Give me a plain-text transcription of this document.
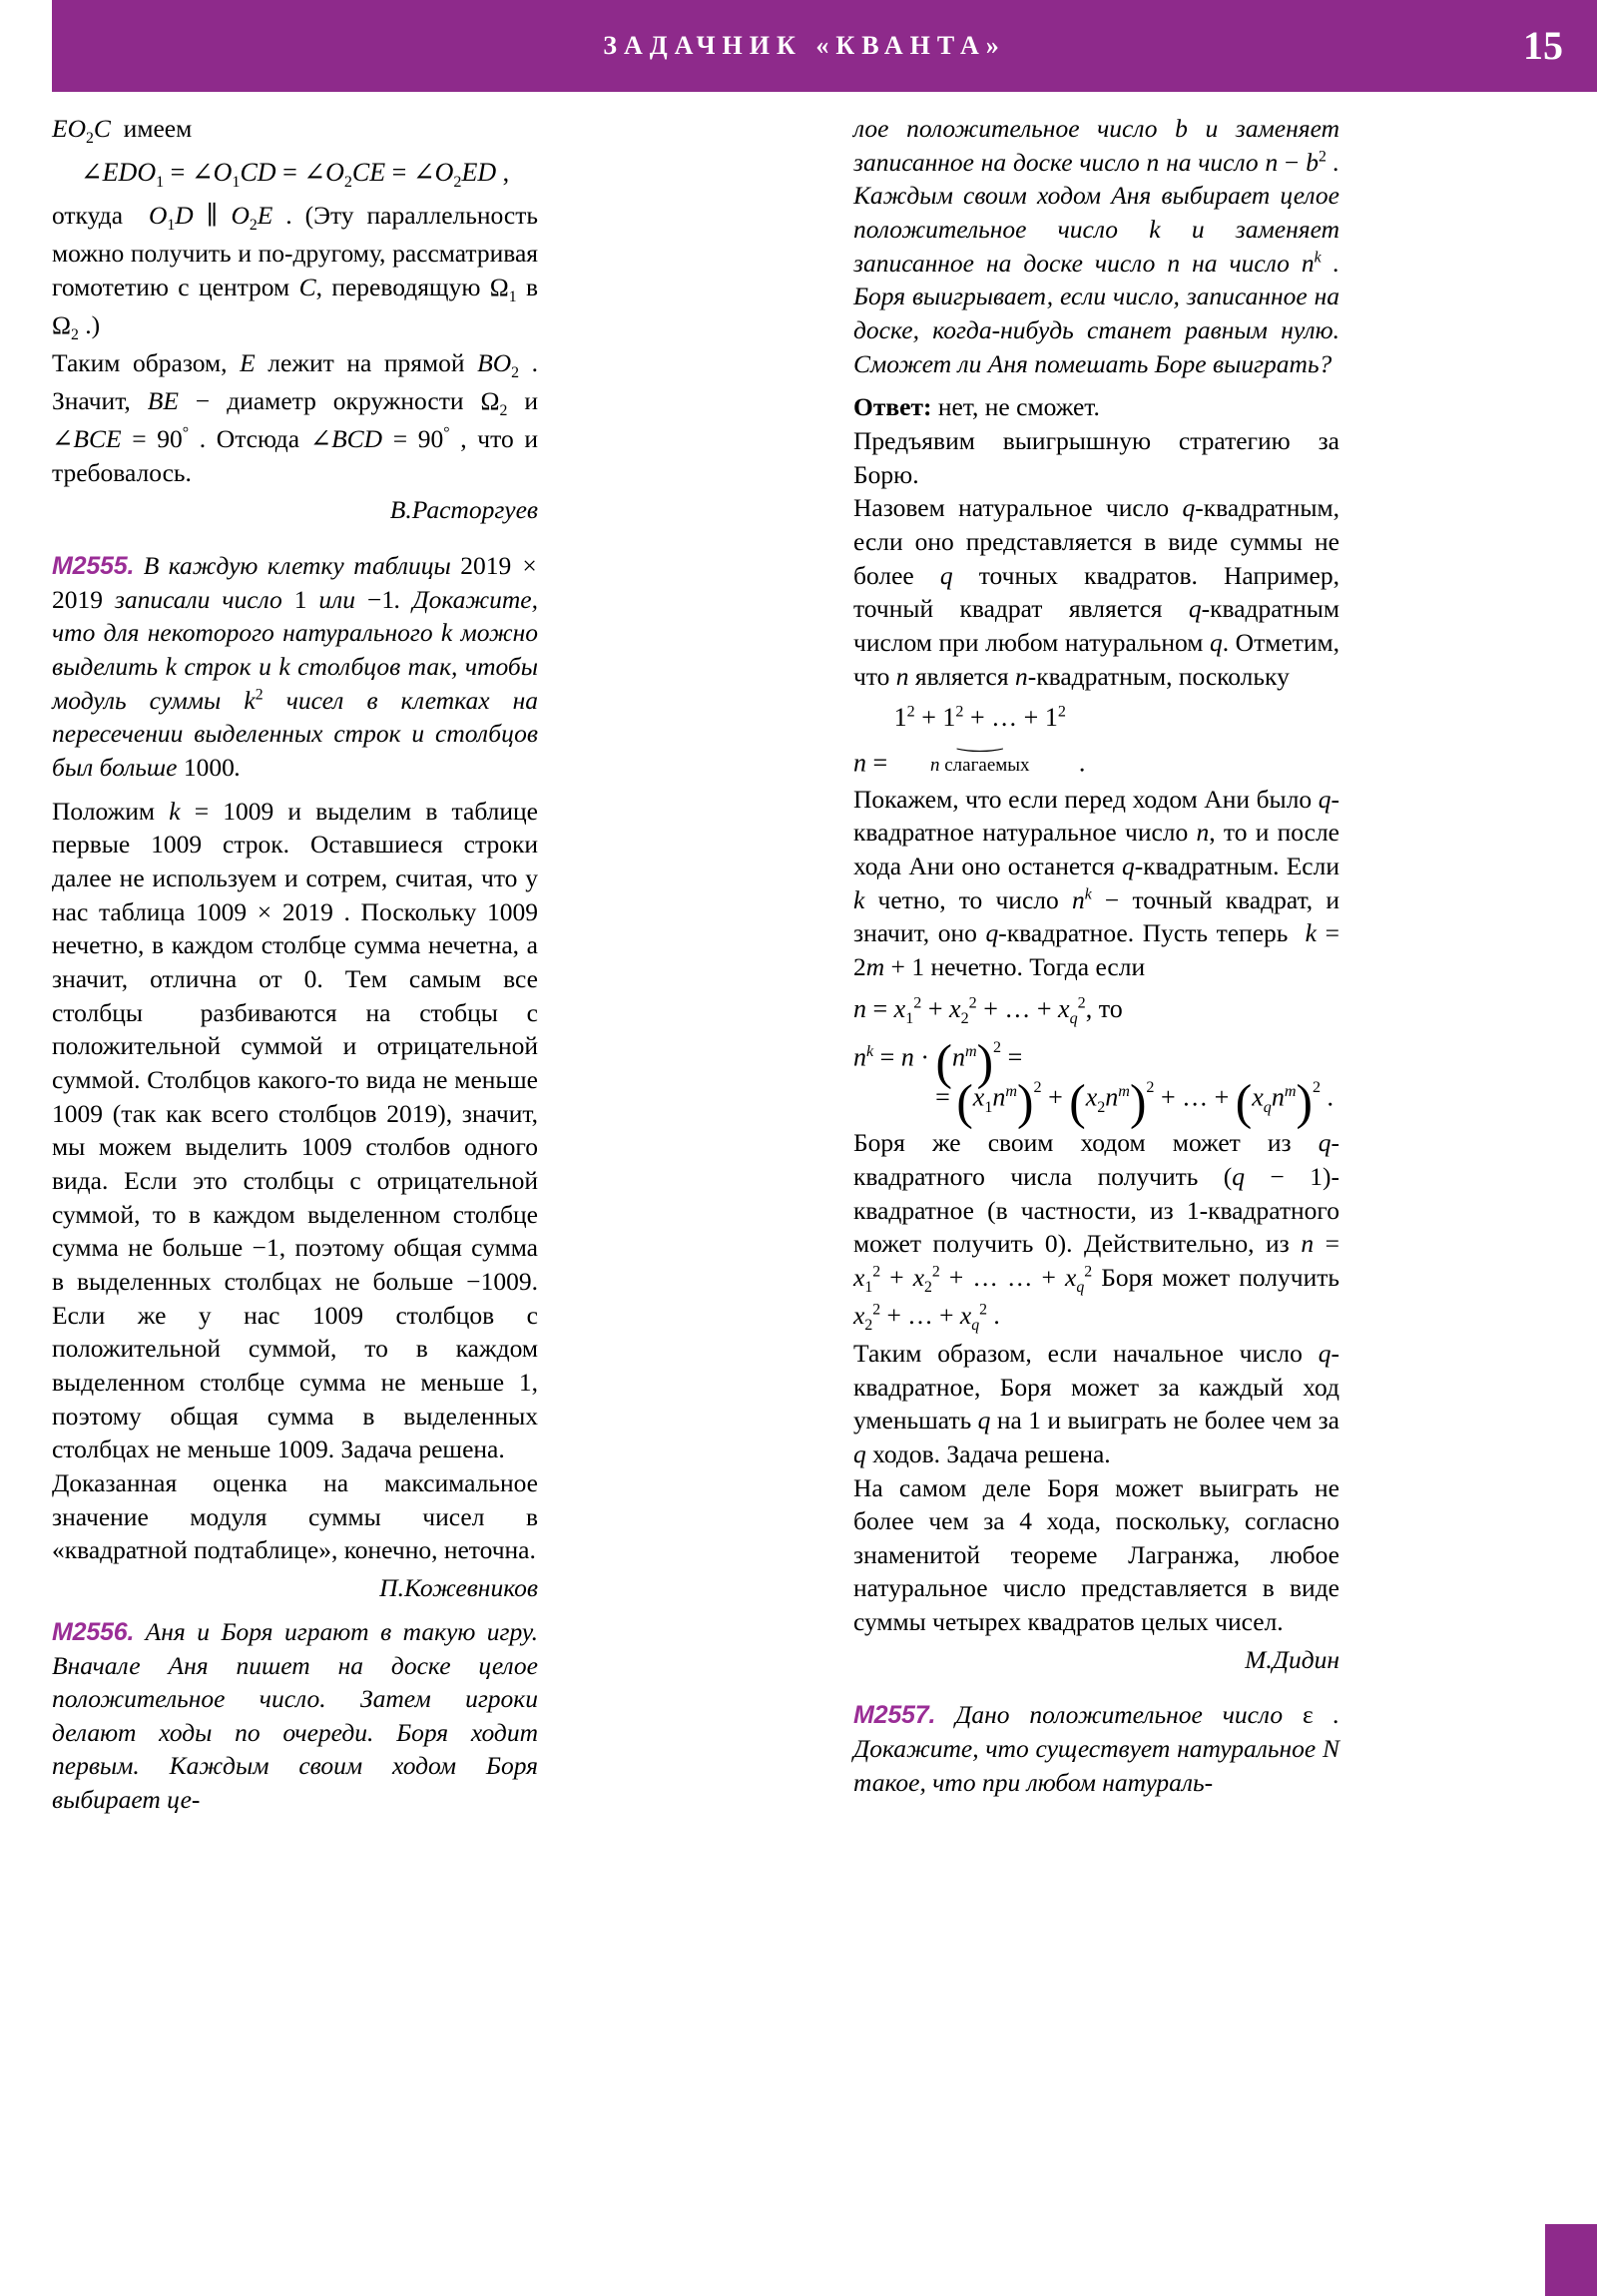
ЗАДАЧНИК «КВАНТА»	15

$EO_2C$  имеем

$\angle EDO_1$ = $\angle O_1CD$ = $\angle O_2CE$ = $\angle O_2ED$ ,

откуда  $O_1D$ ∥ $O_2E$ . (Эту параллельность можно получить и по-другому, рассматривая гомотетию с центром C, переводящую $\Omega_1$ в $\Omega_2$ .)

Таким образом, E лежит на прямой $BO_2$ . Значит, BE − диаметр окружности $\Omega_2$ и ∠BCE = 90° . Отсюда ∠BCD = 90° , что и требовалось.

В.Расторгуев

M2555. В каждую клетку таблицы 2019 × 2019 записали число 1 или −1. Докажите, что для некоторого натурального k можно выделить k строк и k столбцов так, чтобы модуль суммы $k^2$ чисел в клетках на пересечении выделенных строк и столбцов был больше 1000.

Положим k = 1009 и выделим в таблице первые 1009 строк. Оставшиеся строки далее не используем и сотрем, считая, что у нас таблица 1009 × 2019 . Поскольку 1009 нечетно, в каждом столбце сумма нечетна, а значит, отлична от 0. Тем самым все столбцы  разбиваются на стобцы с положительной суммой и отрицательной суммой. Столбцов какого-то вида не меньше 1009 (так как всего столбцов 2019), значит, мы можем выделить 1009 столбов одного вида. Если это столбцы с отрицательной суммой, то в каждом выделенном столбце сумма не больше −1, поэтому общая сумма в выделенных столбцах не больше −1009. Если же у нас 1009 столбцов с положительной суммой, то в каждом выделенном столбце сумма не меньше 1, поэтому общая сумма в выделенных столбцах не меньше 1009. Задача решена.

Доказанная оценка на максимальное значение модуля суммы чисел в «квадратной подтаблице», конечно, неточна.

П.Кожевников

M2556. Аня и Боря играют в такую игру. Вначале Аня пишет на доске целое положительное число. Затем игроки делают ходы по очереди. Боря ходит первым. Каждым своим ходом Боря выбирает це-

лое положительное число b и заменяет записанное на доске число n на число $n - b^2$ . Каждым своим ходом Аня выбирает целое положительное число k и заменяет записанное на доске число n на число $n^k$ . Боря выигрывает, если число, записанное на доске, когда-нибудь станет равным нулю. Сможет ли Аня помешать Боре выиграть?

Ответ: нет, не сможет.

Предъявим выигрышную стратегию за Борю.

Назовем натуральное число q-квадратным, если оно представляется в виде суммы не более q точных квадратов. Например, точный квадрат является q-квадратным числом при любом натуральном q. Отметим, что n является n-квадратным, поскольку

n =
$1^2 + 1^2$ + … + $1^2$
⏝
n слагаемых	.

Покажем, что если перед ходом Ани было q-квадратное натуральное число n, то и после хода Ани оно останется q-квадратным. Если k четно, то число $n^k$ − точный квадрат, и значит, оно q-квадратное. Пусть теперь  k = 2m + 1 нечетно. Тогда если

$n = x_1^2 + x_2^2$ + … + $x_q^2$, то

$n^k = n \cdot (n^m)^2$ =

= $(x_1n^m)^2 + (x_2n^m)^2$ + … + $(x_qn^m)^2$ .

Боря же своим ходом может из q-квадратного числа получить (q − 1)-квадратное (в частности, из 1-квадратного может получить 0). Действительно, из $n = x_1^2 + x_2^2$ + … … + $x_q^2$ Боря может получить $x_2^2$ + … + $x_q^2$ .

Таким образом, если начальное число q-квадратное, Боря может за каждый ход уменьшать q на 1 и выиграть не более чем за q ходов. Задача решена.

На самом деле Боря может выиграть не более чем за 4 хода, поскольку, согласно знаменитой теореме Лагранжа, любое натуральное число представляется в виде суммы четырех квадратов целых чисел.

М.Дидин

M2557. Дано положительное число ε . Докажите, что существует натуральное N такое, что при любом натураль-
